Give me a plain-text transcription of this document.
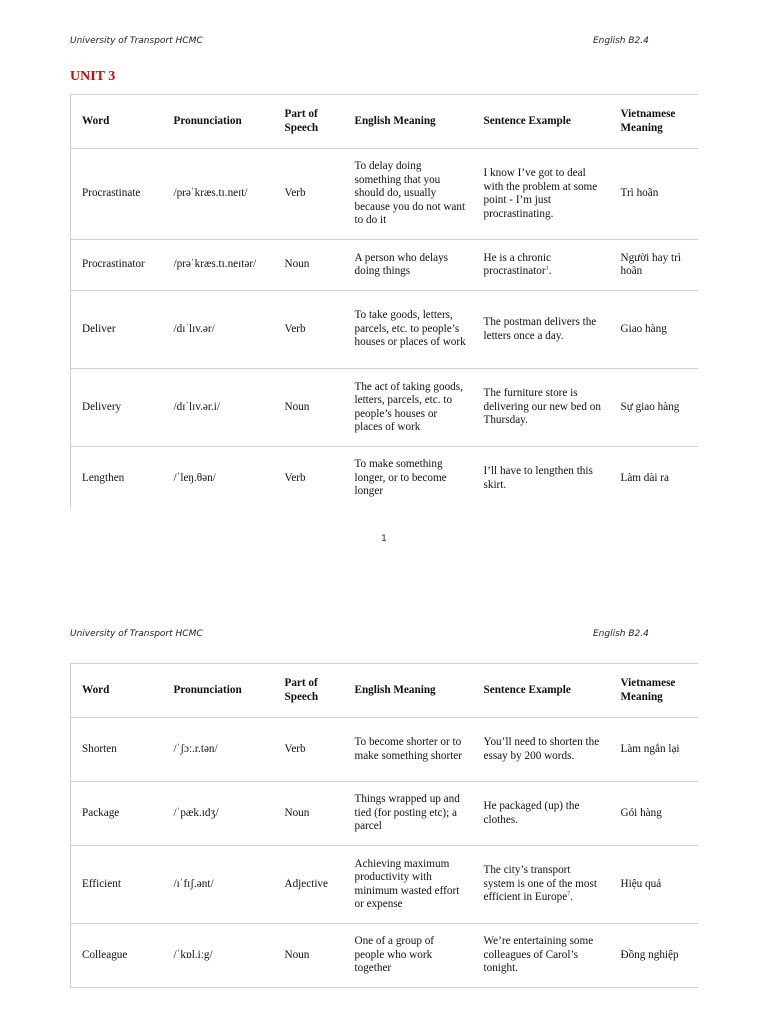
University of Transport HCMC	English B2.4
UNIT 3
Word	Pronunciation	Part of Speech	English Meaning	Sentence Example	Vietnamese Meaning
Procrastinate	/prəˈkræs.tɪ.neɪt/	Verb	To delay doing something that you should do, usually because you do not want to do it	I know I’ve got to deal with the problem at some point - I’m just procrastinating.	Trì hoãn
Procrastinator	/prəˈkræs.tɪ.neɪtər/	Noun	A person who delays doing things	He is a chronic procrastinator$^1$.	Người hay trì hoãn
Deliver	/dɪˈlɪv.ər/	Verb	To take goods, letters, parcels, etc. to people’s houses or places of work	The postman delivers the letters once a day.	Giao hàng
Delivery	/dɪˈlɪv.ər.i/	Noun	The act of taking goods, letters, parcels, etc. to people’s houses or places of work	The furniture store is delivering our new bed on Thursday.	Sự giao hàng
Lengthen	/ˈleŋ.θən/	Verb	To make something longer, or to become longer	I’ll have to lengthen this skirt.	Làm dài ra
1
University of Transport HCMC	English B2.4
Word	Pronunciation	Part of Speech	English Meaning	Sentence Example	Vietnamese Meaning
Shorten	/ˈʃɔː.r.tən/	Verb	To become shorter or to make something shorter	You’ll need to shorten the essay by 200 words.	Làm ngắn lại
Package	/ˈpæk.ɪdʒ/	Noun	Things wrapped up and tied (for posting etc); a parcel	He packaged (up) the clothes.	Gói hàng
Efficient	/ɪˈfɪʃ.ənt/	Adjective	Achieving maximum productivity with minimum wasted effort or expense	The city’s transport system is one of the most efficient in Europe$^7$.	Hiệu quả
Colleague	/ˈkɒl.iːg/	Noun	One of a group of people who work together	We’re entertaining some colleagues of Carol’s tonight.	Đồng nghiệp
